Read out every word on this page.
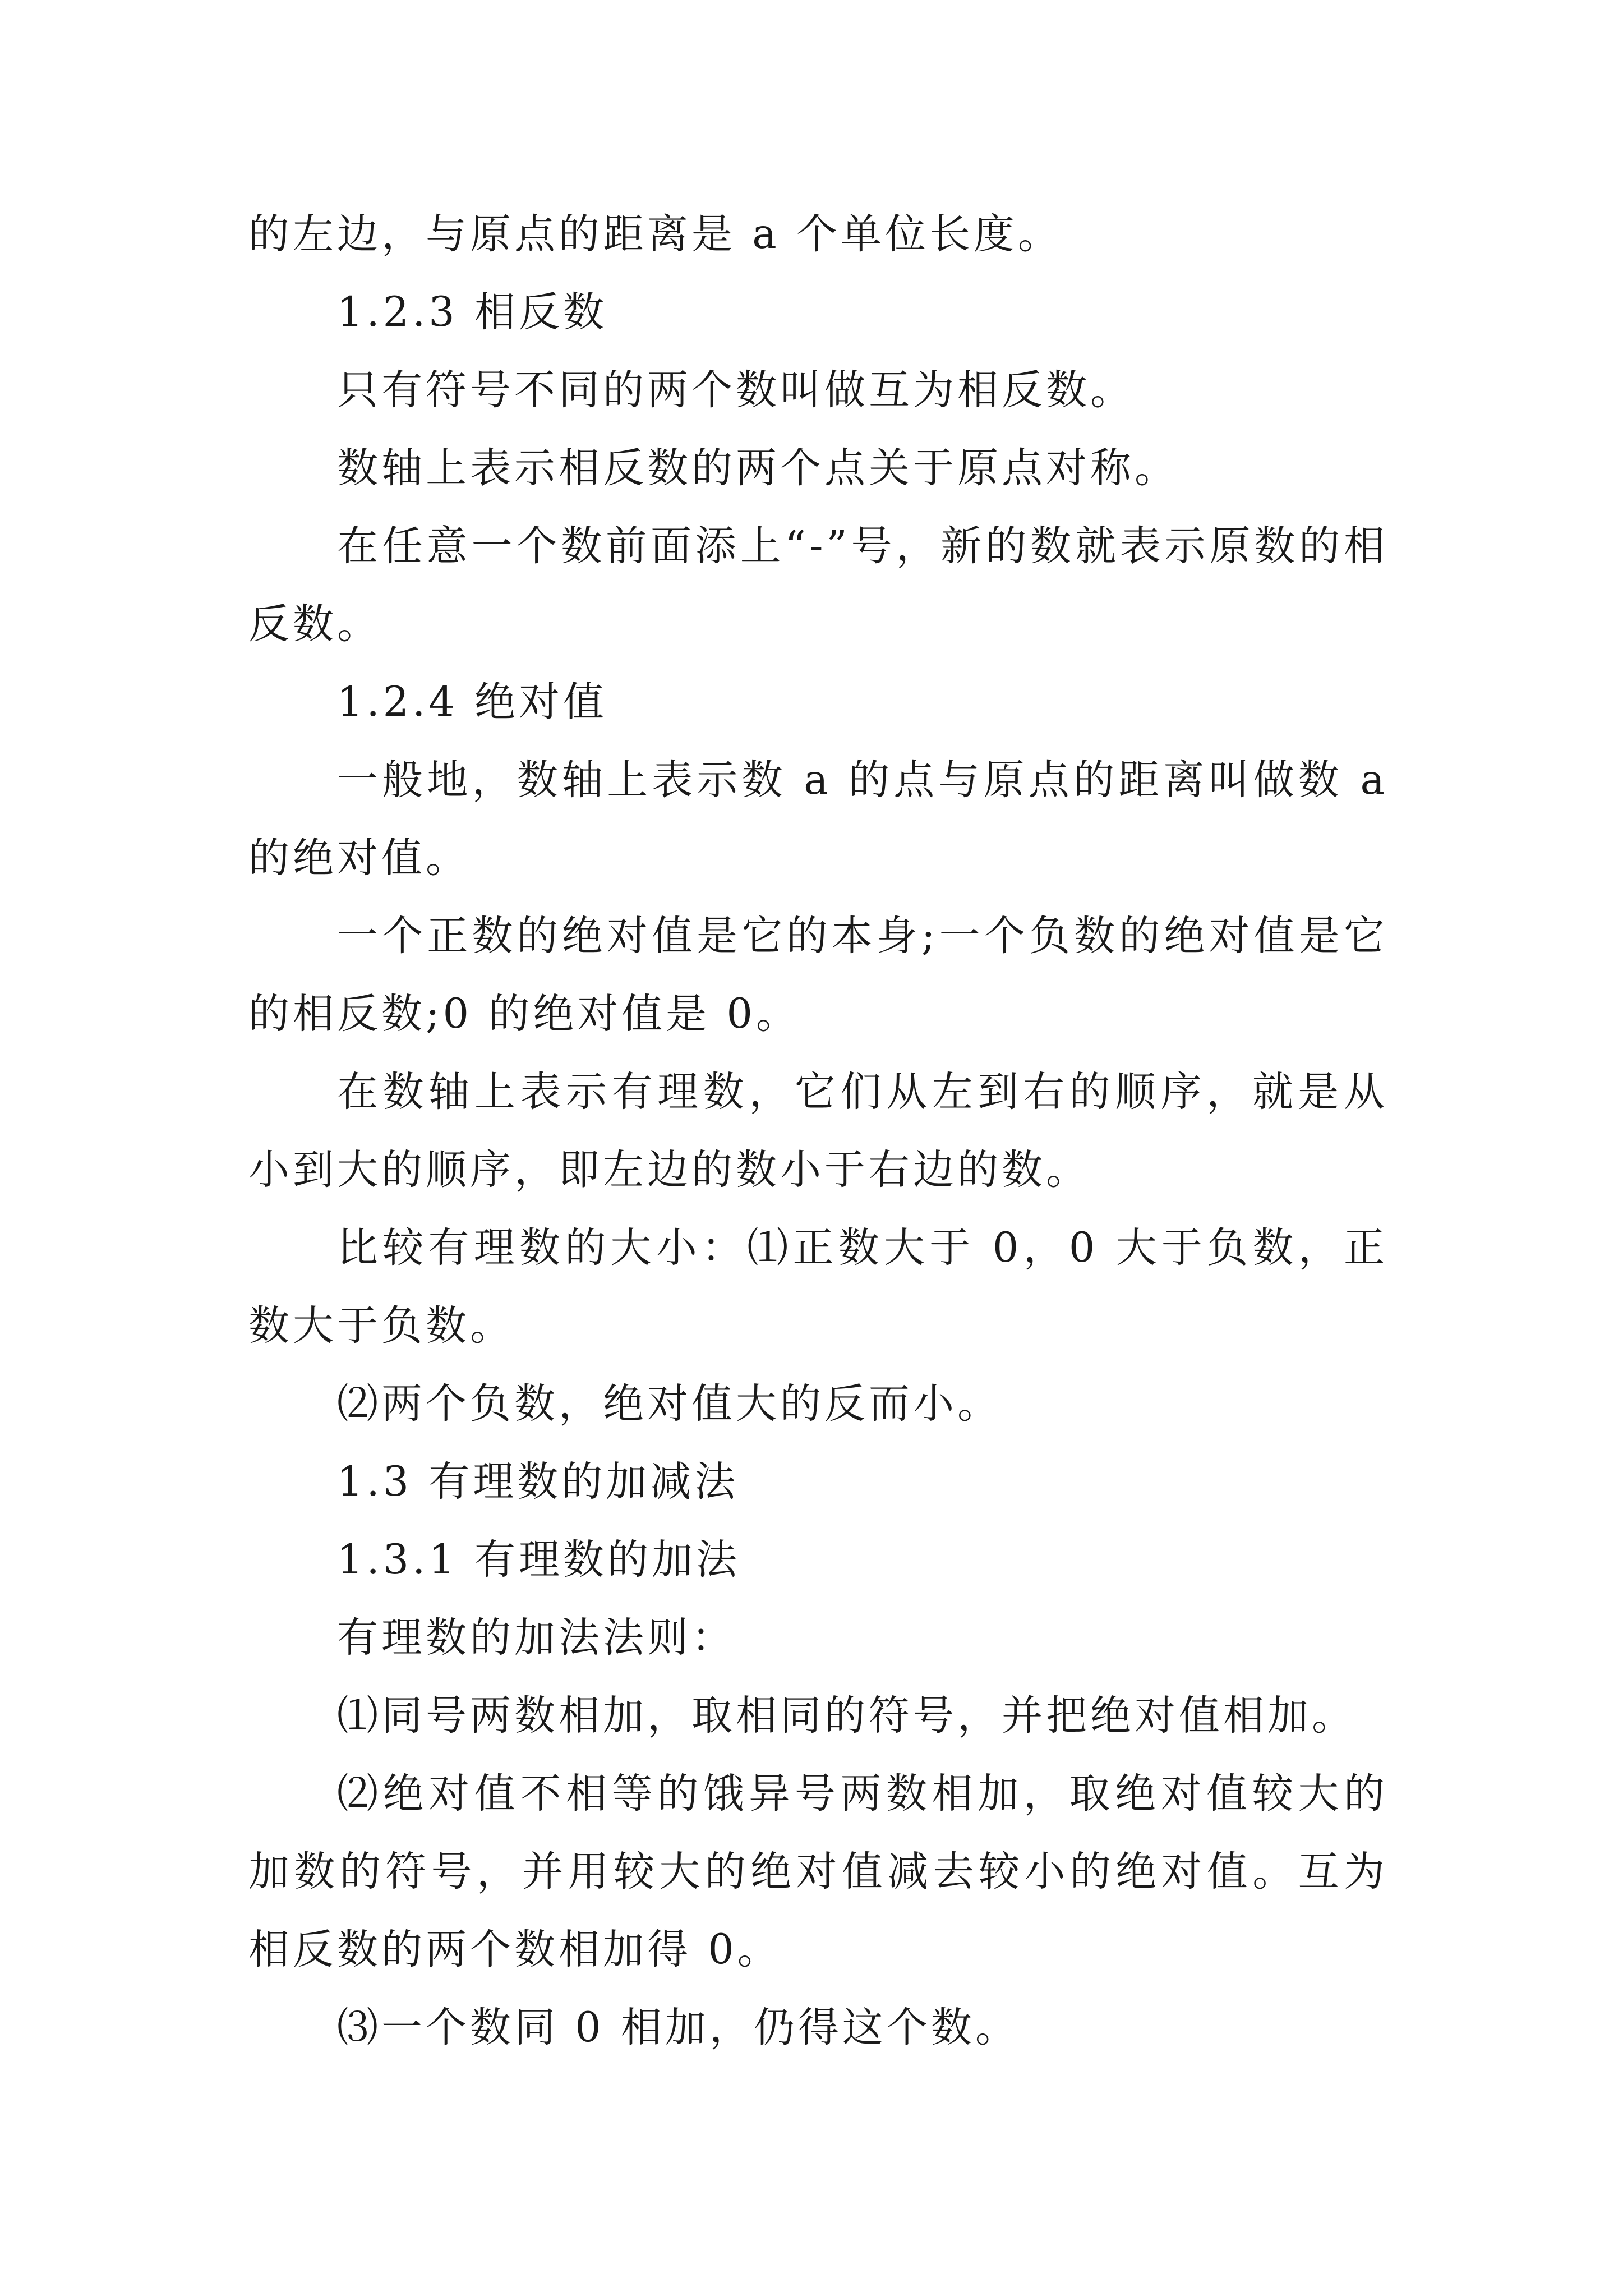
的左边，与原点的距离是 a 个单位长度。

1.2.3 相反数

只有符号不同的两个数叫做互为相反数。

数轴上表示相反数的两个点关于原点对称。

在任意一个数前面添上“-”号，新的数就表示原数的相反数。

1.2.4 绝对值

一般地，数轴上表示数 a 的点与原点的距离叫做数 a 的绝对值。

一个正数的绝对值是它的本身;一个负数的绝对值是它的相反数;0 的绝对值是 0。

在数轴上表示有理数，它们从左到右的顺序，就是从小到大的顺序，即左边的数小于右边的数。

比较有理数的大小：⑴正数大于 0，0 大于负数，正数大于负数。

⑵两个负数，绝对值大的反而小。

1.3 有理数的加减法

1.3.1 有理数的加法

有理数的加法法则：

⑴同号两数相加，取相同的符号，并把绝对值相加。

⑵绝对值不相等的饿异号两数相加，取绝对值较大的加数的符号，并用较大的绝对值减去较小的绝对值。互为相反数的两个数相加得 0。

⑶一个数同 0 相加，仍得这个数。
